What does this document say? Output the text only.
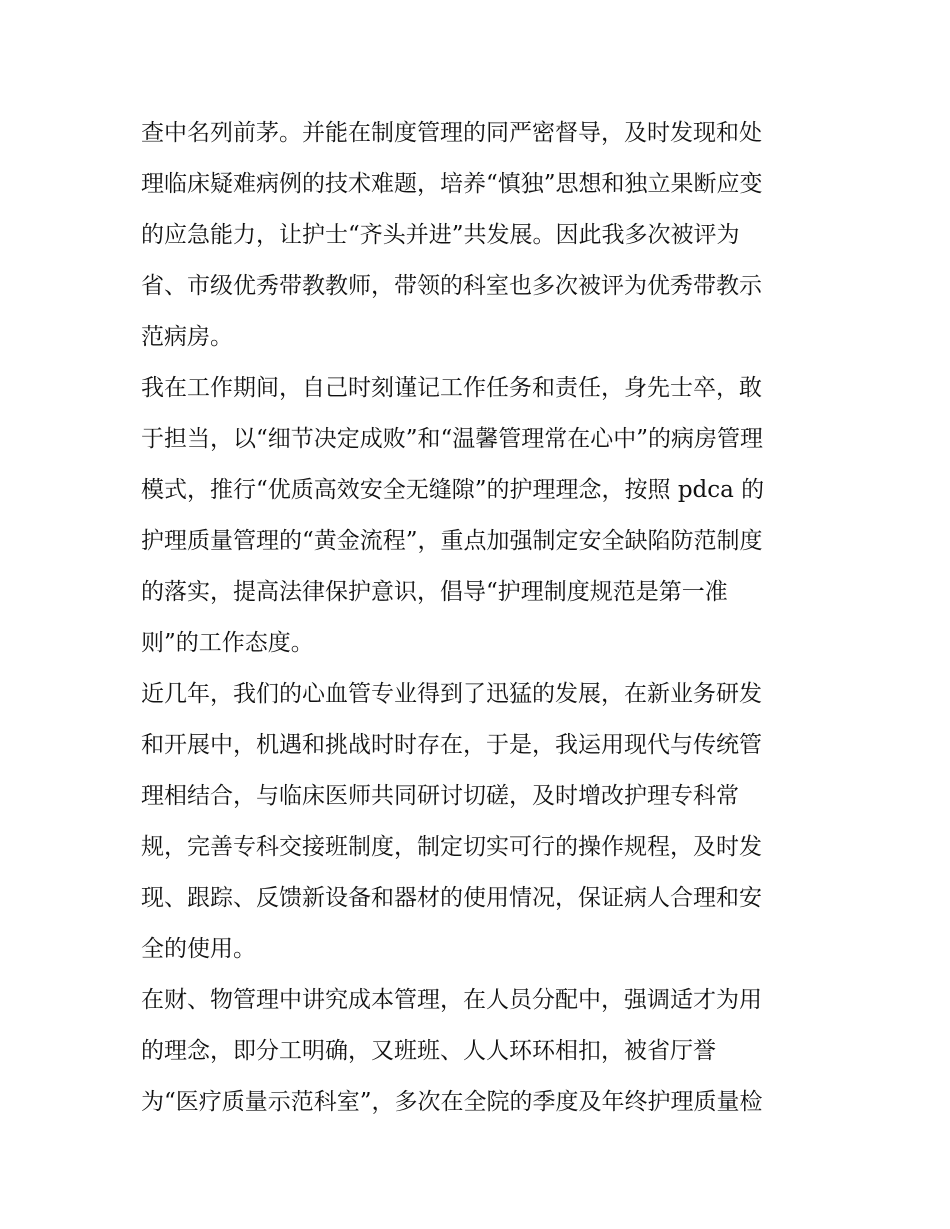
查中名列前茅。并能在制度管理的同严密督导，及时发现和处
理临床疑难病例的技术难题，培养“慎独”思想和独立果断应变
的应急能力，让护士“齐头并进”共发展。因此我多次被评为
省、市级优秀带教教师，带领的科室也多次被评为优秀带教示
范病房。
我在工作期间，自己时刻谨记工作任务和责任，身先士卒，敢
于担当，以“细节决定成败”和“温馨管理常在心中”的病房管理
模式，推行“优质高效安全无缝隙”的护理理念，按照 pdca 的
护理质量管理的“黄金流程”，重点加强制定安全缺陷防范制度
的落实，提高法律保护意识，倡导“护理制度规范是第一准
则”的工作态度。
近几年，我们的心血管专业得到了迅猛的发展，在新业务研发
和开展中，机遇和挑战时时存在，于是，我运用现代与传统管
理相结合，与临床医师共同研讨切磋，及时增改护理专科常
规，完善专科交接班制度，制定切实可行的操作规程，及时发
现、跟踪、反馈新设备和器材的使用情况，保证病人合理和安
全的使用。
在财、物管理中讲究成本管理，在人员分配中，强调适才为用
的理念，即分工明确，又班班、人人环环相扣，被省厅誉
为“医疗质量示范科室”，多次在全院的季度及年终护理质量检
